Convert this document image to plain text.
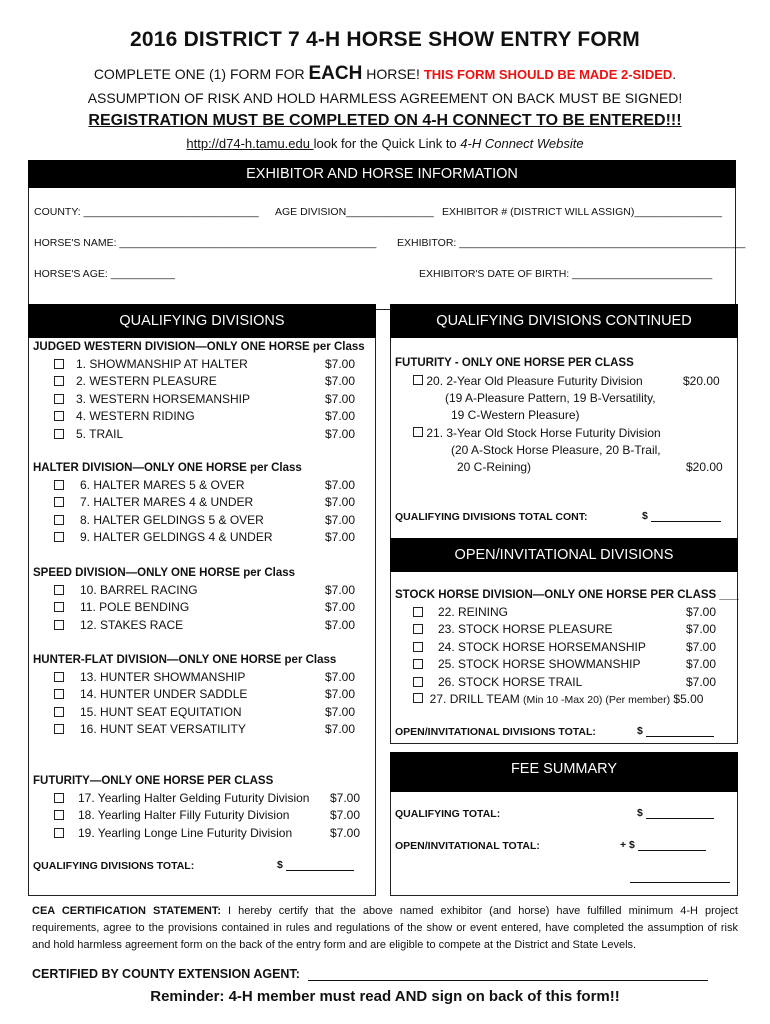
2016 DISTRICT 7 4-H HORSE SHOW ENTRY FORM
COMPLETE ONE (1) FORM FOR EACH HORSE! THIS FORM SHOULD BE MADE 2-SIDED.
ASSUMPTION OF RISK AND HOLD HARMLESS AGREEMENT ON BACK MUST BE SIGNED!
REGISTRATION MUST BE COMPLETED ON 4-H CONNECT TO BE ENTERED!!!
http://d74-h.tamu.edu look for the Quick Link to 4-H Connect Website
EXHIBITOR AND HORSE INFORMATION
COUNTY: ______________________________ AGE DIVISION_______________ EXHIBITOR # (DISTRICT WILL ASSIGN)_______________
HORSE'S NAME: ____________________________________________ EXHIBITOR: _________________________________________________
HORSE'S AGE: ___________	EXHIBITOR'S DATE OF BIRTH: ________________________
QUALIFYING DIVISIONS
JUDGED WESTERN DIVISION—ONLY ONE HORSE per Class
1. SHOWMANSHIP AT HALTER	$7.00
2. WESTERN PLEASURE	$7.00
3. WESTERN HORSEMANSHIP	$7.00
4. WESTERN RIDING	$7.00
5. TRAIL	$7.00
HALTER DIVISION—ONLY ONE HORSE per Class
6. HALTER MARES 5 & OVER	$7.00
7. HALTER MARES 4 & UNDER	$7.00
8. HALTER GELDINGS 5 & OVER	$7.00
9. HALTER GELDINGS 4 & UNDER	$7.00
SPEED DIVISION—ONLY ONE HORSE per Class
10. BARREL RACING	$7.00
11. POLE BENDING	$7.00
12. STAKES RACE	$7.00
HUNTER-FLAT DIVISION—ONLY ONE HORSE per Class
13. HUNTER SHOWMANSHIP	$7.00
14. HUNTER UNDER SADDLE	$7.00
15. HUNT SEAT EQUITATION	$7.00
16. HUNT SEAT VERSATILITY	$7.00
FUTURITY—ONLY ONE HORSE PER CLASS
17. Yearling Halter Gelding Futurity Division $7.00
18. Yearling Halter Filly Futurity Division	$7.00
19. Yearling Longe Line Futurity Division	$7.00
QUALIFYING DIVISIONS TOTAL:	$
QUALIFYING DIVISIONS CONTINUED
FUTURITY - ONLY ONE HORSE PER CLASS
20. 2-Year Old Pleasure Futurity Division	$20.00
(19 A-Pleasure Pattern, 19 B-Versatility,
19 C-Western Pleasure)
21. 3-Year Old Stock Horse Futurity Division
(20 A-Stock Horse Pleasure, 20 B-Trail,
20 C-Reining)	$20.00
QUALIFYING DIVISIONS TOTAL CONT:	$
OPEN/INVITATIONAL DIVISIONS
STOCK HORSE DIVISION—ONLY ONE HORSE PER CLASS ___
22. REINING	$7.00
23. STOCK HORSE PLEASURE	$7.00
24. STOCK HORSE HORSEMANSHIP	$7.00
25. STOCK HORSE SHOWMANSHIP	$7.00
26. STOCK HORSE TRAIL	$7.00
27. DRILL TEAM (Min 10 -Max 20) (Per member) $5.00
OPEN/INVITATIONAL DIVISIONS TOTAL:	$
FEE SUMMARY
QUALIFYING TOTAL:	$
OPEN/INVITATIONAL TOTAL:	+ $
CEA CERTIFICATION STATEMENT: I hereby certify that the above named exhibitor (and horse) have fulfilled minimum 4-H project requirements, agree to the provisions contained in rules and regulations of the show or event entered, have completed the assumption of risk and hold harmless agreement form on the back of the entry form and are eligible to compete at the District and State Levels.
CERTIFIED BY COUNTY EXTENSION AGENT:
Reminder: 4-H member must read AND sign on back of this form!!
